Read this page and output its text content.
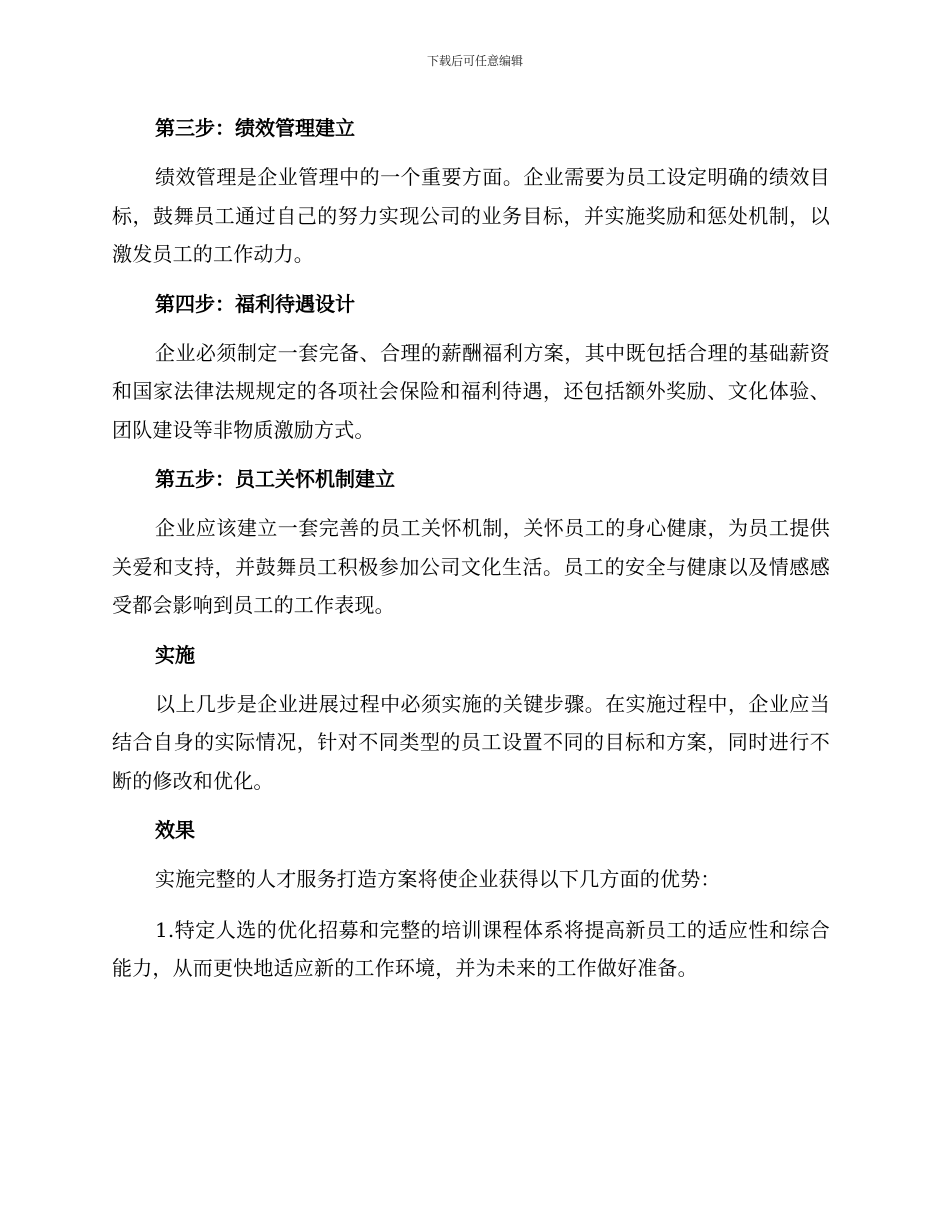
下载后可任意编辑
第三步：绩效管理建立

绩效管理是企业管理中的一个重要方面。企业需要为员工设定明确的绩效目标，鼓舞员工通过自己的努力实现公司的业务目标，并实施奖励和惩处机制，以激发员工的工作动力。

第四步：福利待遇设计

企业必须制定一套完备、合理的薪酬福利方案，其中既包括合理的基础薪资和国家法律法规规定的各项社会保险和福利待遇，还包括额外奖励、文化体验、团队建设等非物质激励方式。

第五步：员工关怀机制建立

企业应该建立一套完善的员工关怀机制，关怀员工的身心健康，为员工提供关爱和支持，并鼓舞员工积极参加公司文化生活。员工的安全与健康以及情感感受都会影响到员工的工作表现。

实施

以上几步是企业进展过程中必须实施的关键步骤。在实施过程中，企业应当结合自身的实际情况，针对不同类型的员工设置不同的目标和方案，同时进行不断的修改和优化。

效果

实施完整的人才服务打造方案将使企业获得以下几方面的优势：

1.特定人选的优化招募和完整的培训课程体系将提高新员工的适应性和综合能力，从而更快地适应新的工作环境，并为未来的工作做好准备。
